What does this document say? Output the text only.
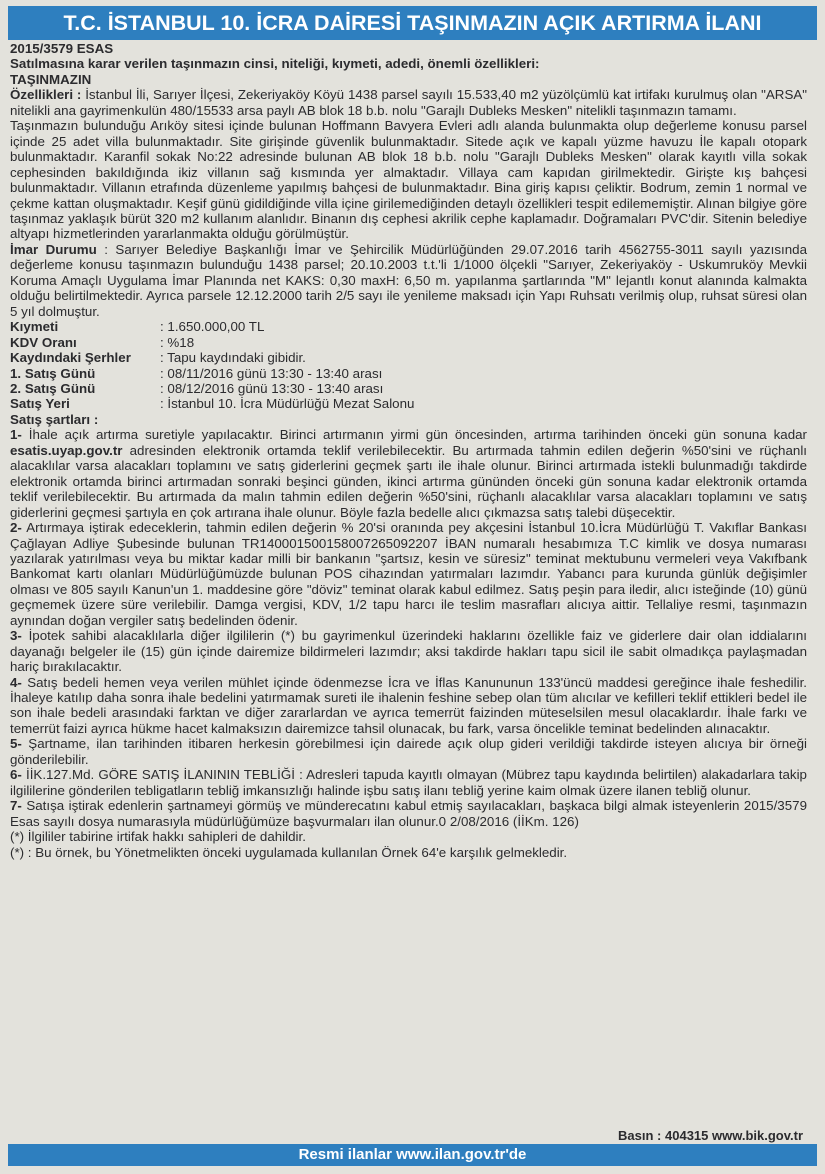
T.C. İSTANBUL 10. İCRA DAİRESİ TAŞINMAZIN AÇIK ARTIRMA İLANI

2015/3579 ESAS

Satılmasına karar verilen taşınmazın cinsi, niteliği, kıymeti, adedi, önemli özellikleri:

TAŞINMAZIN

Özellikleri : İstanbul İli, Sarıyer İlçesi, Zekeriyaköy Köyü 1438 parsel sayılı 15.533,40 m2 yüzölçümlü kat irtifakı kurulmuş olan "ARSA" nitelikli ana gayrimenkulün 480/15533 arsa paylı AB blok 18 b.b. nolu "Garajlı Dubleks Mesken" nitelikli taşınmazın tamamı.

Taşınmazın bulunduğu Arıköy sitesi içinde bulunan Hoffmann Bavyera Evleri adlı alanda bulunmakta olup değerleme konusu parsel içinde 25 adet villa bulunmaktadır. Site girişinde güvenlik bulunmaktadır. Sitede açık ve kapalı yüzme havuzu İle kapalı otopark bulunmaktadır. Karanfil sokak No:22 adresinde bulunan AB blok 18 b.b. nolu "Garajlı Dubleks Mesken" olarak kayıtlı villa sokak cephesinden bakıldığında ikiz villanın sağ kısmında yer almaktadır. Villaya cam kapıdan girilmektedir. Girişte kış bahçesi bulunmaktadır. Villanın etrafında düzenleme yapılmış bahçesi de bulunmaktadır. Bina giriş kapısı çeliktir. Bodrum, zemin 1 normal ve çekme kattan oluşmaktadır. Keşif günü gidildiğinde villa içine girilemediğinden detaylı özellikleri tespit edilememiştir. Alınan bilgiye göre taşınmaz yaklaşık bürüt 320 m2 kullanım alanlıdır. Binanın dış cephesi akrilik cephe kaplamadır. Doğramaları PVC'dir. Sitenin belediye altyapı hizmetlerinden yararlanmakta olduğu görülmüştür.

İmar Durumu : Sarıyer Belediye Başkanlığı İmar ve Şehircilik Müdürlüğünden 29.07.2016 tarih 4562755-3011 sayılı yazısında değerleme konusu taşınmazın bulunduğu 1438 parsel; 20.10.2003 t.t.'li 1/1000 ölçekli "Sarıyer, Zekeriyaköy - Uskumruköy Mevkii Koruma Amaçlı Uygulama İmar Planında net KAKS: 0,30 maxH: 6,50 m. yapılanma şartlarında "M" lejantlı konut alanında kalmakta olduğu belirtilmektedir. Ayrıca parsele 12.12.2000 tarih 2/5 sayı ile yenileme maksadı için Yapı Ruhsatı verilmiş olup, ruhsat süresi olan 5 yıl dolmuştur.

Kıymeti	: 1.650.000,00 TL
KDV Oranı	: %18
Kaydındaki Şerhler	: Tapu kaydındaki gibidir.
1. Satış Günü	: 08/11/2016 günü 13:30 - 13:40 arası
2. Satış Günü	: 08/12/2016 günü 13:30 - 13:40 arası
Satış Yeri	: İstanbul 10. İcra Müdürlüğü Mezat Salonu

Satış şartları :

1- İhale açık artırma suretiyle yapılacaktır. Birinci artırmanın yirmi gün öncesinden, artırma tarihinden önceki gün sonuna kadar esatis.uyap.gov.tr adresinden elektronik ortamda teklif verilebilecektir. Bu artırmada tahmin edilen değerin %50'sini ve rüçhanlı alacaklılar varsa alacakları toplamını ve satış giderlerini geçmek şartı ile ihale olunur. Birinci artırmada istekli bulunmadığı takdirde elektronik ortamda birinci artırmadan sonraki beşinci günden, ikinci artırma gününden önceki gün sonuna kadar elektronik ortamda teklif verilebilecektir. Bu artırmada da malın tahmin edilen değerin %50'sini, rüçhanlı alacaklılar varsa alacakları toplamını ve satış giderlerini geçmesi şartıyla en çok artırana ihale olunur. Böyle fazla bedelle alıcı çıkmazsa satış talebi düşecektir.

2- Artırmaya iştirak edeceklerin, tahmin edilen değerin % 20'si oranında pey akçesini İstanbul 10.İcra Müdürlüğü T. Vakıflar Bankası Çağlayan Adliye Şubesinde bulunan TR140001500158007265092207 İBAN numaralı hesabımıza T.C kimlik ve dosya numarası yazılarak yatırılması veya bu miktar kadar milli bir bankanın "şartsız, kesin ve süresiz" teminat mektubunu vermeleri veya Vakıfbank Bankomat kartı olanları Müdürlüğümüzde bulunan POS cihazından yatırmaları lazımdır. Yabancı para kurunda günlük değişimler olması ve 805 sayılı Kanun'un 1. maddesine göre "döviz" teminat olarak kabul edilmez. Satış peşin para iledir, alıcı isteğinde (10) günü geçmemek üzere süre verilebilir. Damga vergisi, KDV, 1/2 tapu harcı ile teslim masrafları alıcıya aittir. Tellaliye resmi, taşınmazın aynından doğan vergiler satış bedelinden ödenir.

3- İpotek sahibi alacaklılarla diğer ilgililerin (*) bu gayrimenkul üzerindeki haklarını özellikle faiz ve giderlere dair olan iddialarını dayanağı belgeler ile (15) gün içinde dairemize bildirmeleri lazımdır; aksi takdirde hakları tapu sicil ile sabit olmadıkça paylaşmadan hariç bırakılacaktır.

4- Satış bedeli hemen veya verilen mühlet içinde ödenmezse İcra ve İflas Kanununun 133'üncü maddesi gereğince ihale feshedilir. İhaleye katılıp daha sonra ihale bedelini yatırmamak sureti ile ihalenin feshine sebep olan tüm alıcılar ve kefilleri teklif ettikleri bedel ile son ihale bedeli arasındaki farktan ve diğer zararlardan ve ayrıca temerrüt faizinden müteselsilen mesul olacaklardır. İhale farkı ve temerrüt faizi ayrıca hükme hacet kalmaksızın dairemizce tahsil olunacak, bu fark, varsa öncelikle teminat bedelinden alınacaktır.

5- Şartname, ilan tarihinden itibaren herkesin görebilmesi için dairede açık olup gideri verildiği takdirde isteyen alıcıya bir örneği gönderilebilir.

6- İİK.127.Md. GÖRE SATIŞ İLANININ TEBLİĞİ : Adresleri tapuda kayıtlı olmayan (Mübrez tapu kaydında belirtilen) alakadarlara takip ilgililerine gönderilen tebligatların tebliğ imkansızlığı halinde işbu satış ilanı tebliğ yerine kaim olmak üzere ilanen tebliğ olunur.

7- Satışa iştirak edenlerin şartnameyi görmüş ve münderecatını kabul etmiş sayılacakları, başkaca bilgi almak isteyenlerin 2015/3579 Esas sayılı dosya numarasıyla müdürlüğümüze başvurmaları ilan olunur.0 2/08/2016 (İİKm. 126)

(*) İlgililer tabirine irtifak hakkı sahipleri de dahildir.

(*) : Bu örnek, bu Yönetmelikten önceki uygulamada kullanılan Örnek 64'e karşılık gelmekledir.

Basın : 404315 www.bik.gov.tr
Resmi ilanlar www.ilan.gov.tr'de
